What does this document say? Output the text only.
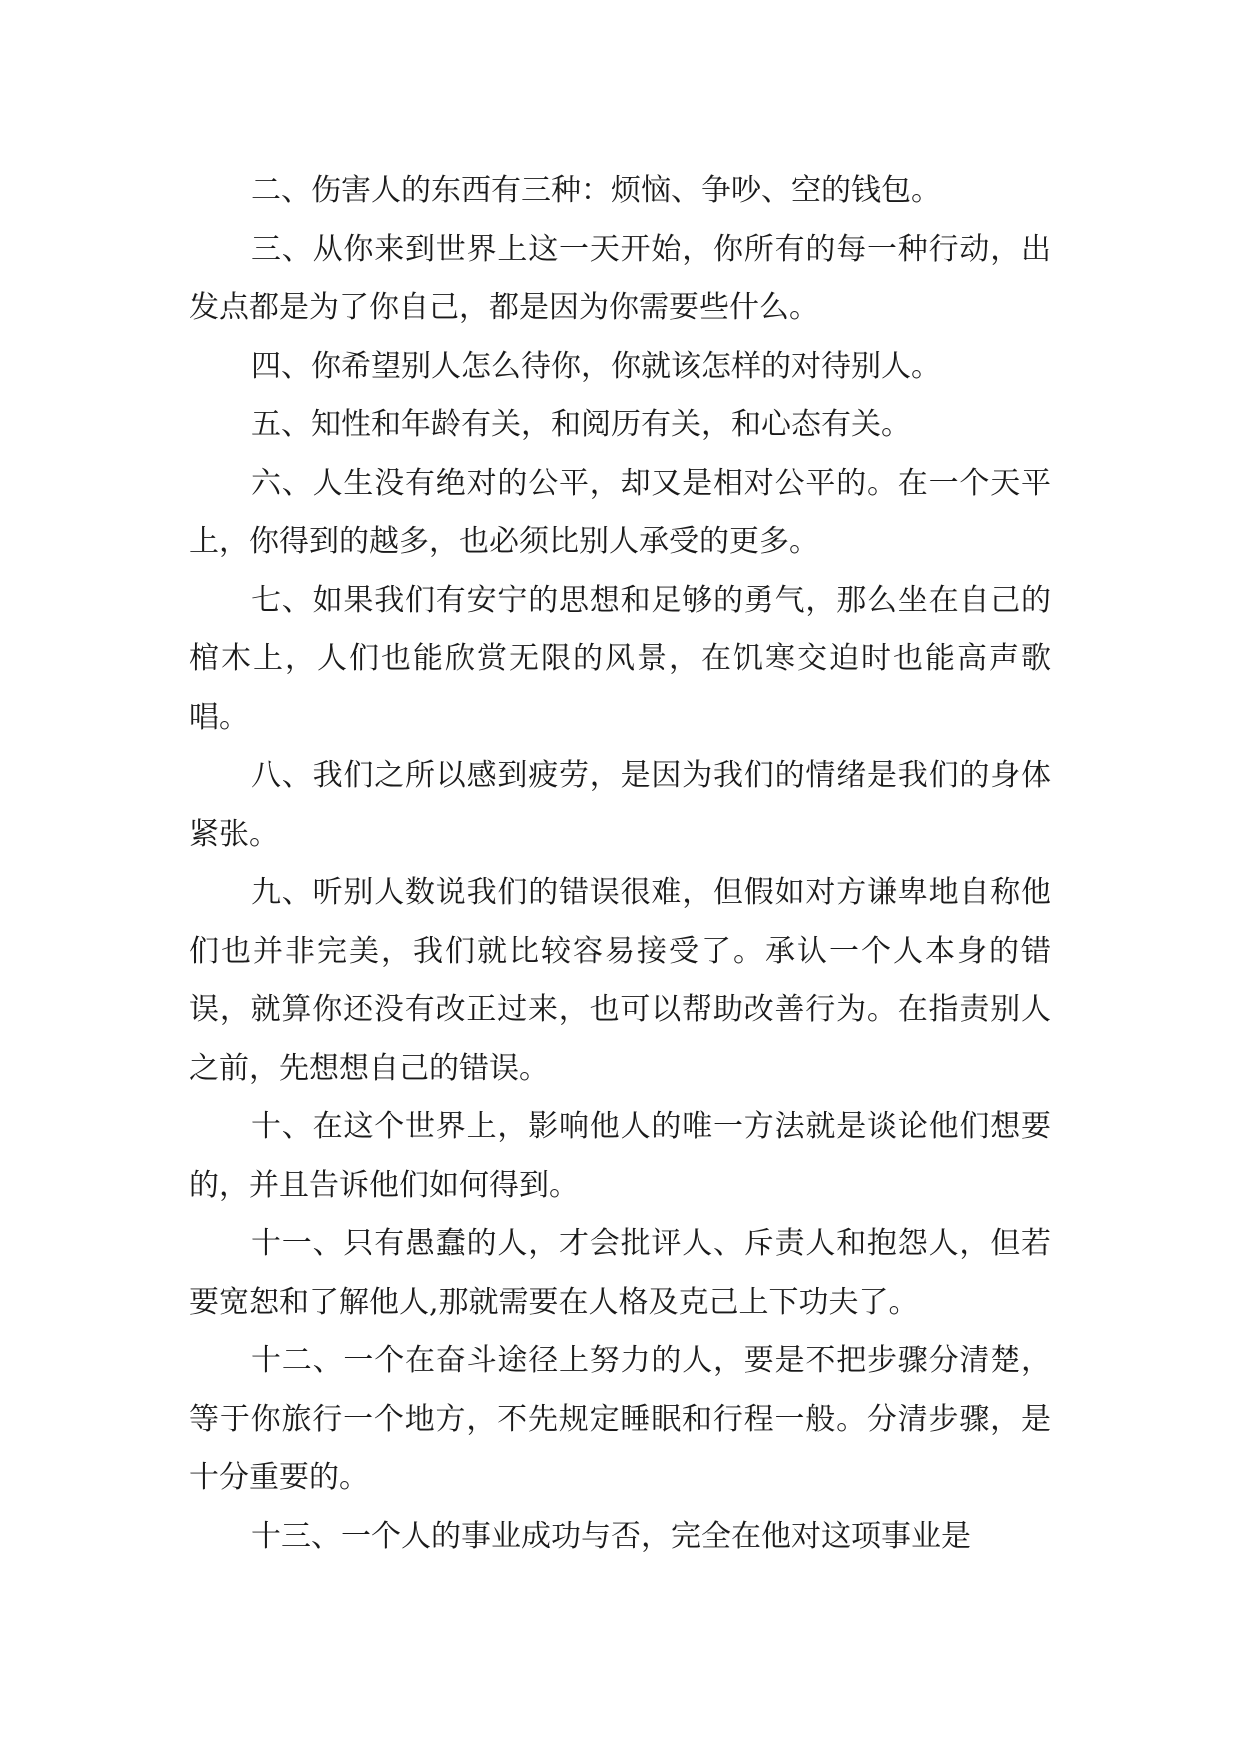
二、伤害人的东西有三种：烦恼、争吵、空的钱包。

三、从你来到世界上这一天开始，你所有的每一种行动，出发点都是为了你自己，都是因为你需要些什么。

四、你希望别人怎么待你，你就该怎样的对待别人。

五、知性和年龄有关，和阅历有关，和心态有关。

六、人生没有绝对的公平，却又是相对公平的。在一个天平上，你得到的越多，也必须比别人承受的更多。

七、如果我们有安宁的思想和足够的勇气，那么坐在自己的棺木上，人们也能欣赏无限的风景，在饥寒交迫时也能高声歌唱。

八、我们之所以感到疲劳，是因为我们的情绪是我们的身体紧张。

九、听别人数说我们的错误很难，但假如对方谦卑地自称他们也并非完美，我们就比较容易接受了。承认一个人本身的错误，就算你还没有改正过来，也可以帮助改善行为。在指责别人之前，先想想自己的错误。

十、在这个世界上，影响他人的唯一方法就是谈论他们想要的，并且告诉他们如何得到。

十一、只有愚蠢的人，才会批评人、斥责人和抱怨人，但若要宽恕和了解他人,那就需要在人格及克己上下功夫了。

十二、一个在奋斗途径上努力的人，要是不把步骤分清楚，等于你旅行一个地方，不先规定睡眠和行程一般。分清步骤，是十分重要的。

十三、一个人的事业成功与否，完全在他对这项事业是
